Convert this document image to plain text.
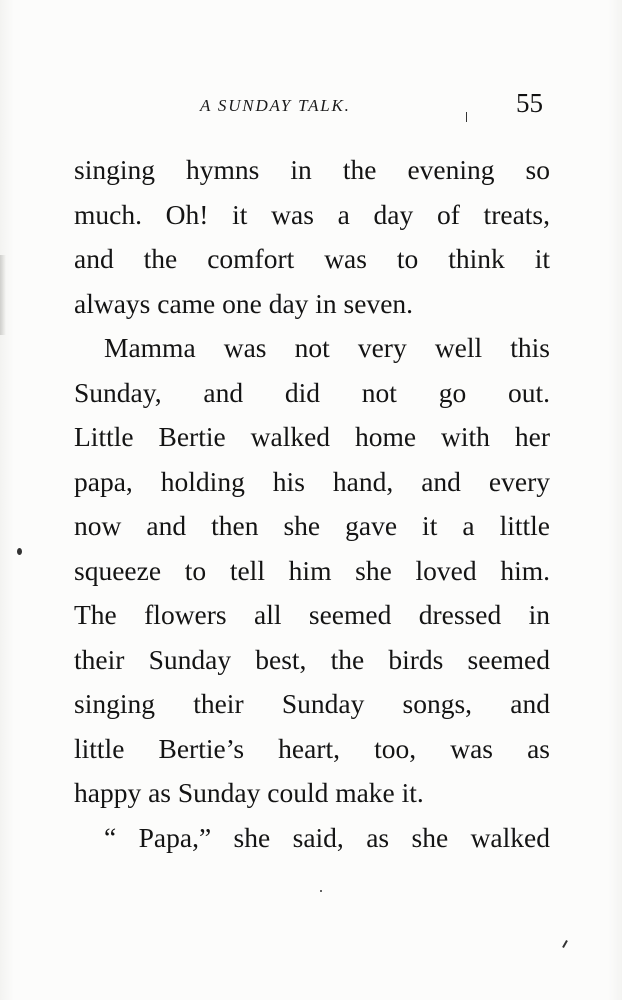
A SUNDAY TALK.	55
singing hymns in the evening so
much. Oh! it was a day of treats,
and the comfort was to think it
always came one day in seven.
Mamma was not very well this
Sunday, and did not go out.
Little Bertie walked home with her
papa, holding his hand, and every
now and then she gave it a little
squeeze to tell him she loved him.
The flowers all seemed dressed in
their Sunday best, the birds seemed
singing their Sunday songs, and
little Bertie’s heart, too, was as
happy as Sunday could make it.
“ Papa,” she said, as she walked
